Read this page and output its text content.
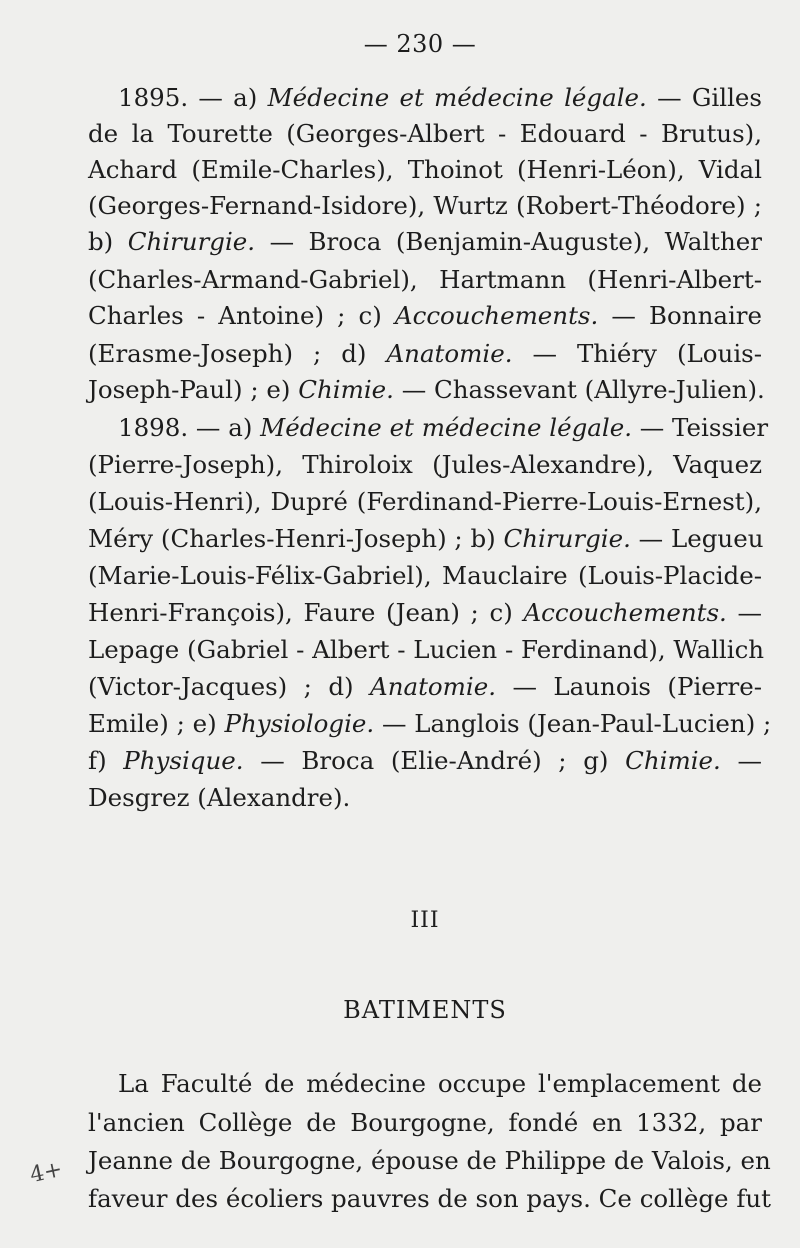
— 230 —
1895. — a) Médecine et médecine légale. — Gilles
de la Tourette (Georges-Albert - Edouard - Brutus),
Achard (Emile-Charles), Thoinot (Henri-Léon), Vidal
(Georges-Fernand-Isidore), Wurtz (Robert-Théodore) ;
b) Chirurgie. — Broca (Benjamin-Auguste), Walther
(Charles-Armand-Gabriel), Hartmann (Henri-Albert-
Charles - Antoine) ; c) Accouchements. — Bonnaire
(Erasme-Joseph) ; d) Anatomie. — Thiéry (Louis-
Joseph-Paul) ; e) Chimie. — Chassevant (Allyre-Julien).
1898. — a) Médecine et médecine légale. — Teissier
(Pierre-Joseph), Thiroloix (Jules-Alexandre), Vaquez
(Louis-Henri), Dupré (Ferdinand-Pierre-Louis-Ernest),
Méry (Charles-Henri-Joseph) ; b) Chirurgie. — Legueu
(Marie-Louis-Félix-Gabriel), Mauclaire (Louis-Placide-
Henri-François), Faure (Jean) ; c) Accouchements. —
Lepage (Gabriel - Albert - Lucien - Ferdinand), Wallich
(Victor-Jacques) ; d) Anatomie. — Launois (Pierre-
Emile) ; e) Physiologie. — Langlois (Jean-Paul-Lucien) ;
f) Physique. — Broca (Elie-André) ; g) Chimie. —
Desgrez (Alexandre).
III
BATIMENTS
La Faculté de médecine occupe l'emplacement de
l'ancien Collège de Bourgogne, fondé en 1332, par
Jeanne de Bourgogne, épouse de Philippe de Valois, en
faveur des écoliers pauvres de son pays. Ce collège fut
4+
